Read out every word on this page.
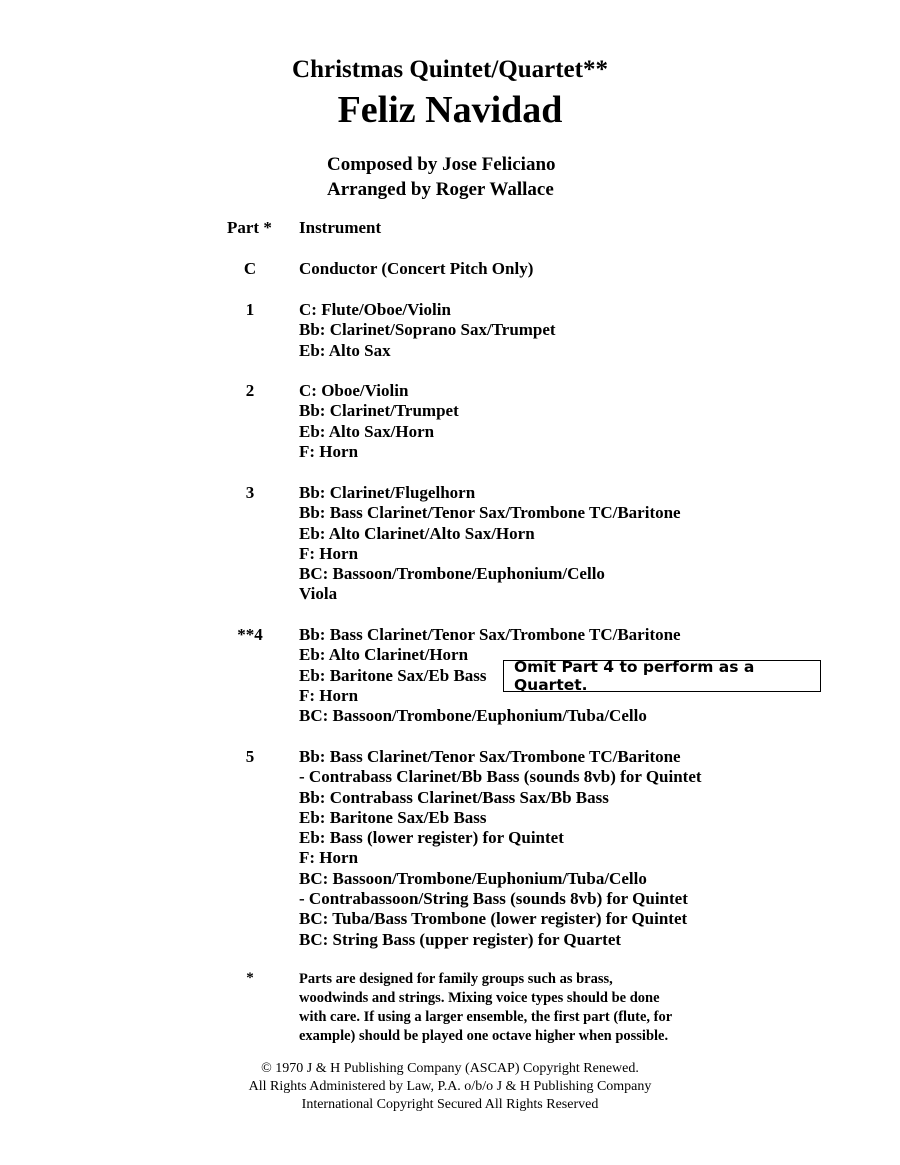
Christmas Quintet/Quartet**
Feliz Navidad
Composed by Jose Feliciano
Arranged by Roger Wallace
Part * Instrument
C	Conductor (Concert Pitch Only)
1	C: Flute/Oboe/Violin
Bb: Clarinet/Soprano Sax/Trumpet
Eb: Alto Sax
2	C: Oboe/Violin
Bb: Clarinet/Trumpet
Eb: Alto Sax/Horn
F: Horn
3	Bb: Clarinet/Flugelhorn
Bb: Bass Clarinet/Tenor Sax/Trombone TC/Baritone
Eb: Alto Clarinet/Alto Sax/Horn
F: Horn
BC: Bassoon/Trombone/Euphonium/Cello
Viola
**4	Bb: Bass Clarinet/Tenor Sax/Trombone TC/Baritone
Eb: Alto Clarinet/Horn
Eb: Baritone Sax/Eb Bass
F: Horn
BC: Bassoon/Trombone/Euphonium/Tuba/Cello
Omit Part 4 to perform as a Quartet.
5	Bb: Bass Clarinet/Tenor Sax/Trombone TC/Baritone
- Contrabass Clarinet/Bb Bass (sounds 8vb) for Quintet
Bb: Contrabass Clarinet/Bass Sax/Bb Bass
Eb: Baritone Sax/Eb Bass
Eb: Bass (lower register) for Quintet
F: Horn
BC: Bassoon/Trombone/Euphonium/Tuba/Cello
- Contrabassoon/String Bass (sounds 8vb) for Quintet
BC: Tuba/Bass Trombone (lower register) for Quintet
BC: String Bass (upper register) for Quartet
*	Parts are designed for family groups such as brass,
woodwinds and strings. Mixing voice types should be done
with care. If using a larger ensemble, the first part (flute, for
example) should be played one octave higher when possible.
© 1970 J & H Publishing Company (ASCAP) Copyright Renewed.
All Rights Administered by Law, P.A. o/b/o J & H Publishing Company
International Copyright Secured All Rights Reserved
